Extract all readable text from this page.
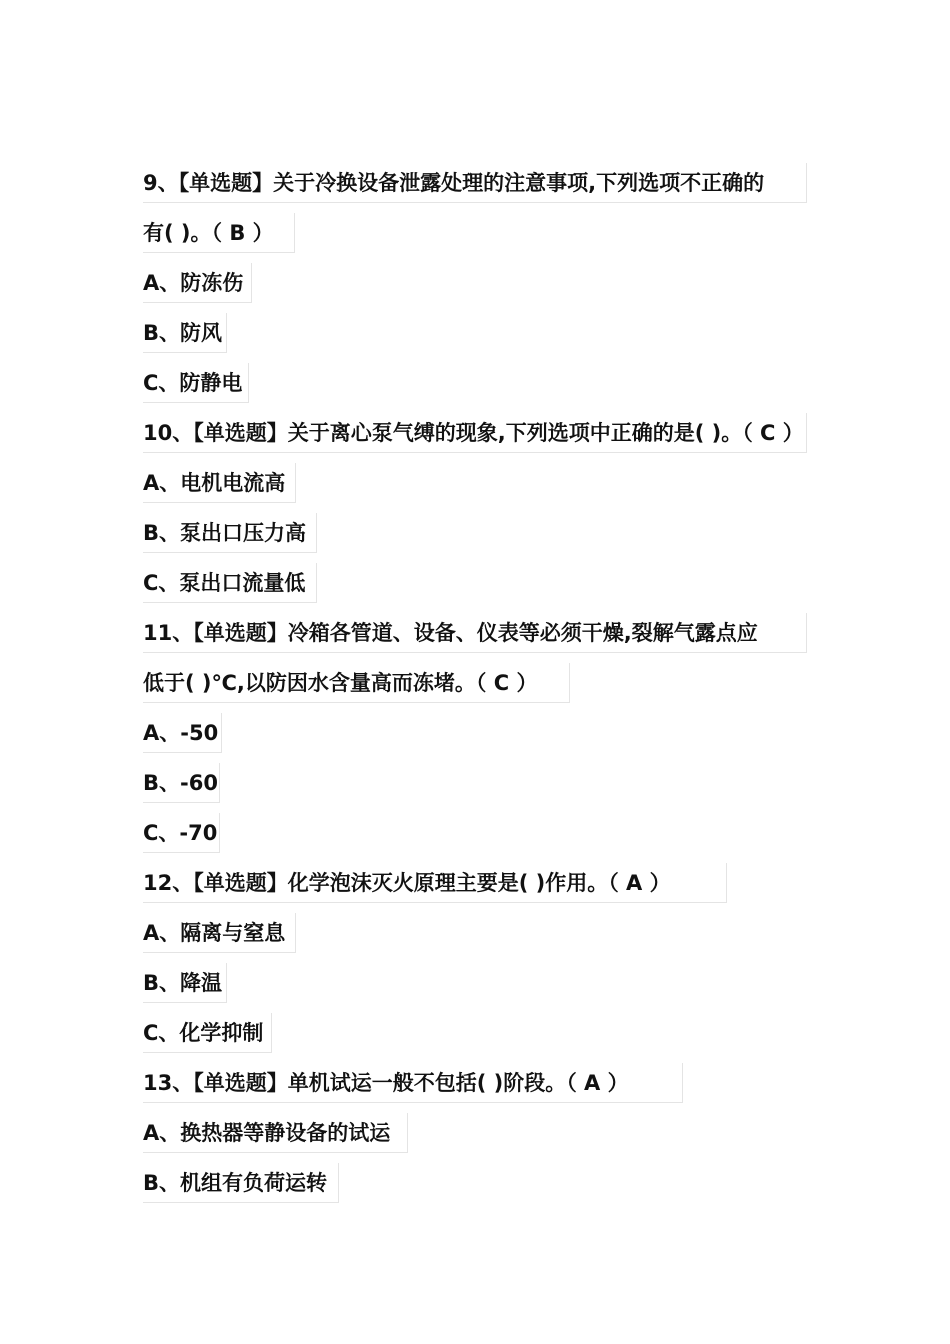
9、【单选题】关于冷换设备泄露处理的注意事项,下列选项不正确的
有( )。（ B ）
A、防冻伤
B、防风
C、防静电
10、【单选题】关于离心泵气缚的现象,下列选项中正确的是( )。（ C ）
A、电机电流高
B、泵出口压力高
C、泵出口流量低
11、【单选题】冷箱各管道、设备、仪表等必须干燥,裂解气露点应
低于( )℃,以防因水含量高而冻堵。（ C ）
A、-50
B、-60
C、-70
12、【单选题】化学泡沫灭火原理主要是( )作用。（ A ）
A、隔离与窒息
B、降温
C、化学抑制
13、【单选题】单机试运一般不包括( )阶段。（ A ）
A、换热器等静设备的试运
B、机组有负荷运转
